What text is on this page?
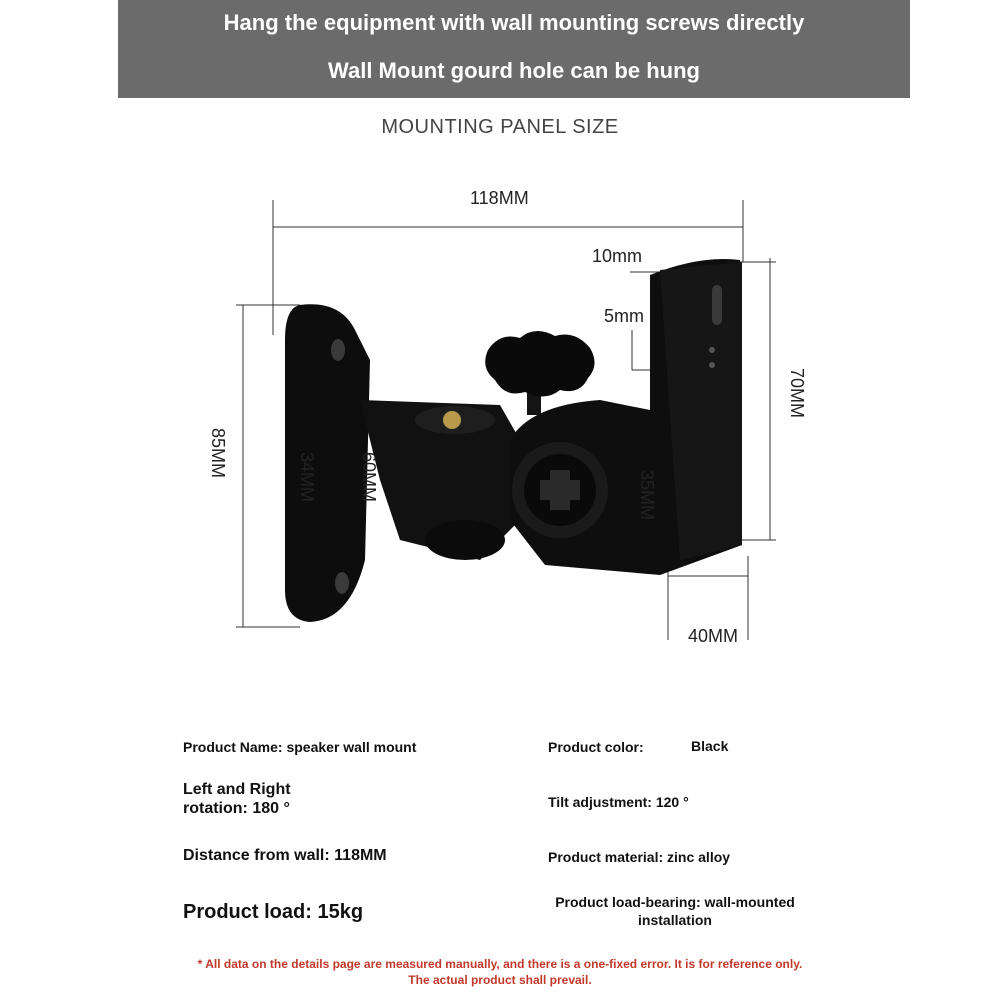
Hang the equipment with wall mounting screws directly
Wall Mount gourd hole can be hung
MOUNTING PANEL SIZE
118MM
10mm
5mm
70MM
85MM	34MM 60MM	35MM
40MM
Product Name: speaker wall mount	Product color:	Black
Left and Right
rotation: 180 °	Tilt adjustment: 120 °
Distance from wall: 118MM	Product material: zinc alloy
Product load: 15kg	Product load-bearing: wall-mounted
installation
* All data on the details page are measured manually, and there is a one-fixed error. It is for reference only.
The actual product shall prevail.
